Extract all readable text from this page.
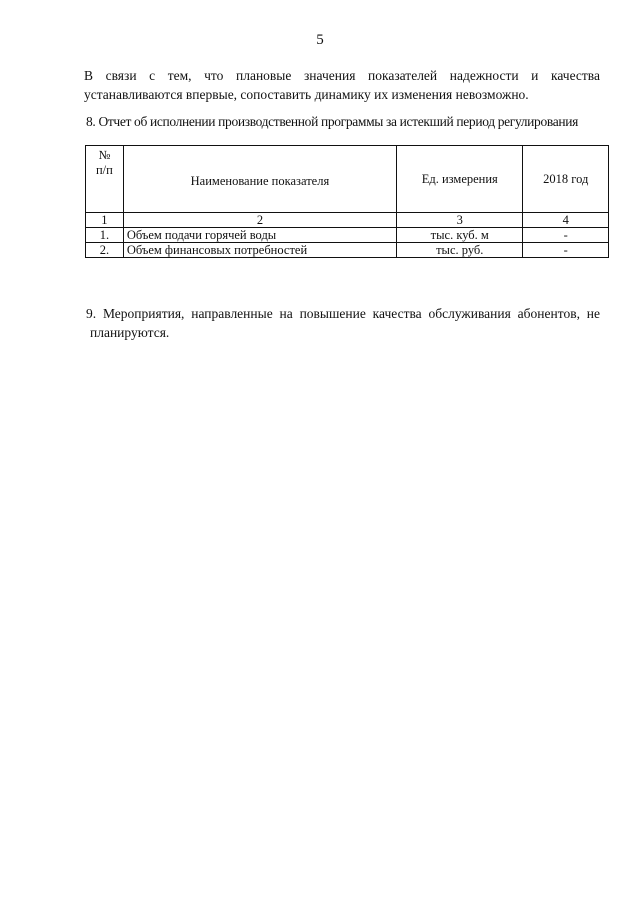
5
В связи с тем, что плановые значения показателей надежности и качества
устанавливаются впервые, сопоставить динамику их изменения невозможно.
8. Отчет об исполнении производственной программы за истекший период регулирования
№
п/п	Наименование показателя	Ед. измерения	2018 год
1	2	3	4
1.	Объем подачи горячей воды	тыс. куб. м	-
2.	Объем финансовых потребностей	тыс. руб.	-
9. Мероприятия, направленные на повышение качества обслуживания абонентов, не
планируются.
